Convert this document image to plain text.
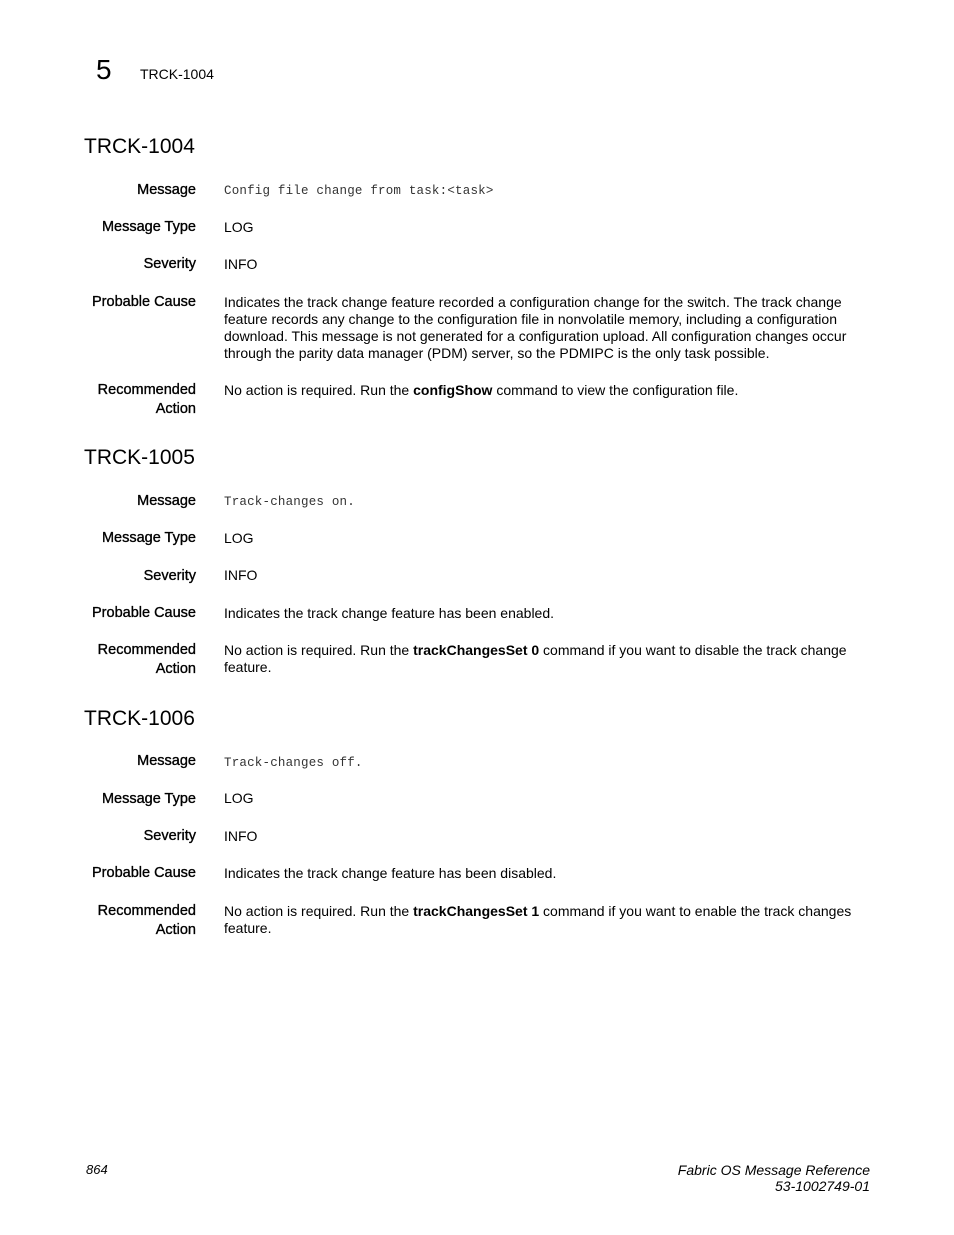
5 TRCK-1004
TRCK-1004
Message Config file change from task:<task>
Message Type LOG
Severity INFO
Probable Cause Indicates the track change feature recorded a configuration change for the switch. The track change feature records any change to the configuration file in nonvolatile memory, including a configuration download. This message is not generated for a configuration upload. All configuration changes occur through the parity data manager (PDM) server, so the PDMIPC is the only task possible.
Recommended
Action
No action is required. Run the configShow command to view the configuration file.
TRCK-1005
Message Track-changes on.
Message Type LOG
Severity INFO
Probable Cause Indicates the track change feature has been enabled.
Recommended
Action
No action is required. Run the trackChangesSet 0 command if you want to disable the track change feature.
TRCK-1006
Message Track-changes off.
Message Type LOG
Severity INFO
Probable Cause Indicates the track change feature has been disabled.
Recommended
Action
No action is required. Run the trackChangesSet 1 command if you want to enable the track changes feature.
864	Fabric OS Message Reference
53-1002749-01
